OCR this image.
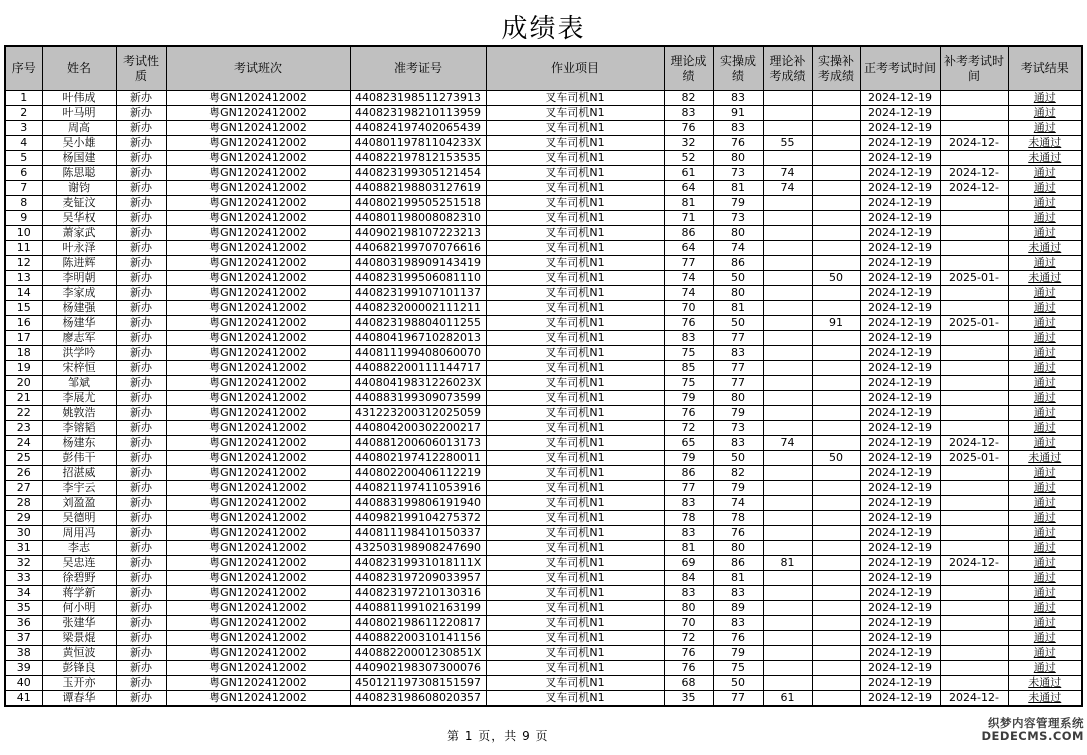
成绩表
序号	姓名	考试性质	考试班次	准考证号	作业项目	理论成绩	实操成绩	理论补考成绩	实操补考成绩	正考考试时间	补考考试时间	考试结果
1	叶伟成	新办	粤GN1202412002	440823198511273913	叉车司机N1	82	83			2024-12-19		通过
2	叶马明	新办	粤GN1202412002	440823198210113959	叉车司机N1	83	91			2024-12-19		通过
3	周高	新办	粤GN1202412002	440824197402065439	叉车司机N1	76	83			2024-12-19		通过
4	吴小雄	新办	粤GN1202412002	44080119781104233X	叉车司机N1	32	76	55		2024-12-19	2024-12-	未通过
5	杨国建	新办	粤GN1202412002	440822197812153535	叉车司机N1	52	80			2024-12-19		未通过
6	陈思聪	新办	粤GN1202412002	440823199305121454	叉车司机N1	61	73	74		2024-12-19	2024-12-	通过
7	谢钧	新办	粤GN1202412002	440882198803127619	叉车司机N1	64	81	74		2024-12-19	2024-12-	通过
8	麦钲汶	新办	粤GN1202412002	440802199505251518	叉车司机N1	81	79			2024-12-19		通过
9	吴华权	新办	粤GN1202412002	440801198008082310	叉车司机N1	71	73			2024-12-19		通过
10	萧家武	新办	粤GN1202412002	440902198107223213	叉车司机N1	86	80			2024-12-19		通过
11	叶永泽	新办	粤GN1202412002	440682199707076616	叉车司机N1	64	74			2024-12-19		未通过
12	陈进辉	新办	粤GN1202412002	440803198909143419	叉车司机N1	77	86			2024-12-19		通过
13	李明朝	新办	粤GN1202412002	440823199506081110	叉车司机N1	74	50		50	2024-12-19	2025-01-	未通过
14	李家成	新办	粤GN1202412002	440823199107101137	叉车司机N1	74	80			2024-12-19		通过
15	杨建强	新办	粤GN1202412002	440823200002111211	叉车司机N1	70	81			2024-12-19		通过
16	杨建华	新办	粤GN1202412002	440823198804011255	叉车司机N1	76	50		91	2024-12-19	2025-01-	通过
17	廖志军	新办	粤GN1202412002	440804196710282013	叉车司机N1	83	77			2024-12-19		通过
18	洪学吟	新办	粤GN1202412002	440811199408060070	叉车司机N1	75	83			2024-12-19		通过
19	宋梓恒	新办	粤GN1202412002	440882200111144717	叉车司机N1	85	77			2024-12-19		通过
20	邹斌	新办	粤GN1202412002	44080419831226023X	叉车司机N1	75	77			2024-12-19		通过
21	李展尤	新办	粤GN1202412002	440883199309073599	叉车司机N1	79	80			2024-12-19		通过
22	姚敦浩	新办	粤GN1202412002	431223200312025059	叉车司机N1	76	79			2024-12-19		通过
23	李镕韬	新办	粤GN1202412002	440804200302200217	叉车司机N1	72	73			2024-12-19		通过
24	杨建东	新办	粤GN1202412002	440881200606013173	叉车司机N1	65	83	74		2024-12-19	2024-12-	通过
25	彭伟干	新办	粤GN1202412002	440802197412280011	叉车司机N1	79	50		50	2024-12-19	2025-01-	未通过
26	招湛威	新办	粤GN1202412002	440802200406112219	叉车司机N1	86	82			2024-12-19		通过
27	李宇云	新办	粤GN1202412002	440821197411053916	叉车司机N1	77	79			2024-12-19		通过
28	刘盈盈	新办	粤GN1202412002	440883199806191940	叉车司机N1	83	74			2024-12-19		通过
29	吴德明	新办	粤GN1202412002	440982199104275372	叉车司机N1	78	78			2024-12-19		通过
30	周用冯	新办	粤GN1202412002	440811198410150337	叉车司机N1	83	76			2024-12-19		通过
31	李志	新办	粤GN1202412002	432503198908247690	叉车司机N1	81	80			2024-12-19		通过
32	吴忠连	新办	粤GN1202412002	44082319931018111X	叉车司机N1	69	86	81		2024-12-19	2024-12-	通过
33	徐碧野	新办	粤GN1202412002	440823197209033957	叉车司机N1	84	81			2024-12-19		通过
34	蒋学新	新办	粤GN1202412002	440823197210130316	叉车司机N1	83	83			2024-12-19		通过
35	何小明	新办	粤GN1202412002	440881199102163199	叉车司机N1	80	89			2024-12-19		通过
36	张建华	新办	粤GN1202412002	440802198611220817	叉车司机N1	70	83			2024-12-19		通过
37	梁景焜	新办	粤GN1202412002	440882200310141156	叉车司机N1	72	76			2024-12-19		通过
38	黄恒波	新办	粤GN1202412002	44088220001230851X	叉车司机N1	76	79			2024-12-19		通过
39	彭锋良	新办	粤GN1202412002	440902198307300076	叉车司机N1	76	75			2024-12-19		通过
40	玉开亦	新办	粤GN1202412002	450121197308151597	叉车司机N1	68	50			2024-12-19		未通过
41	谭春华	新办	粤GN1202412002	440823198608020357	叉车司机N1	35	77	61		2024-12-19	2024-12-	未通过
第 1 页，共 9 页
织梦内容管理系统
DEDECMS.COM
